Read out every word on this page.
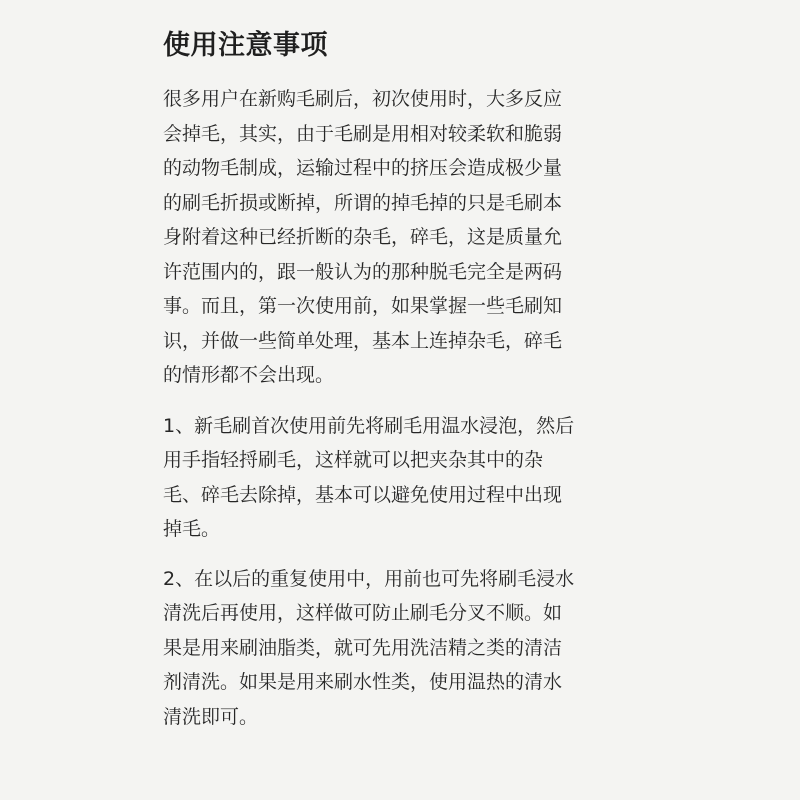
使用注意事项
很多用户在新购毛刷后，初次使用时，大多反应
会掉毛，其实，由于毛刷是用相对较柔软和脆弱
的动物毛制成，运输过程中的挤压会造成极少量
的刷毛折损或断掉，所谓的掉毛掉的只是毛刷本
身附着这种已经折断的杂毛，碎毛，这是质量允
许范围内的，跟一般认为的那种脱毛完全是两码
事。而且，第一次使用前，如果掌握一些毛刷知
识，并做一些简单处理，基本上连掉杂毛，碎毛
的情形都不会出现。
1、新毛刷首次使用前先将刷毛用温水浸泡，然后
用手指轻捋刷毛，这样就可以把夹杂其中的杂
毛、碎毛去除掉，基本可以避免使用过程中出现
掉毛。
2、在以后的重复使用中，用前也可先将刷毛浸水
清洗后再使用，这样做可防止刷毛分叉不顺。如
果是用来刷油脂类，就可先用洗洁精之类的清洁
剂清洗。如果是用来刷水性类，使用温热的清水
清洗即可。
